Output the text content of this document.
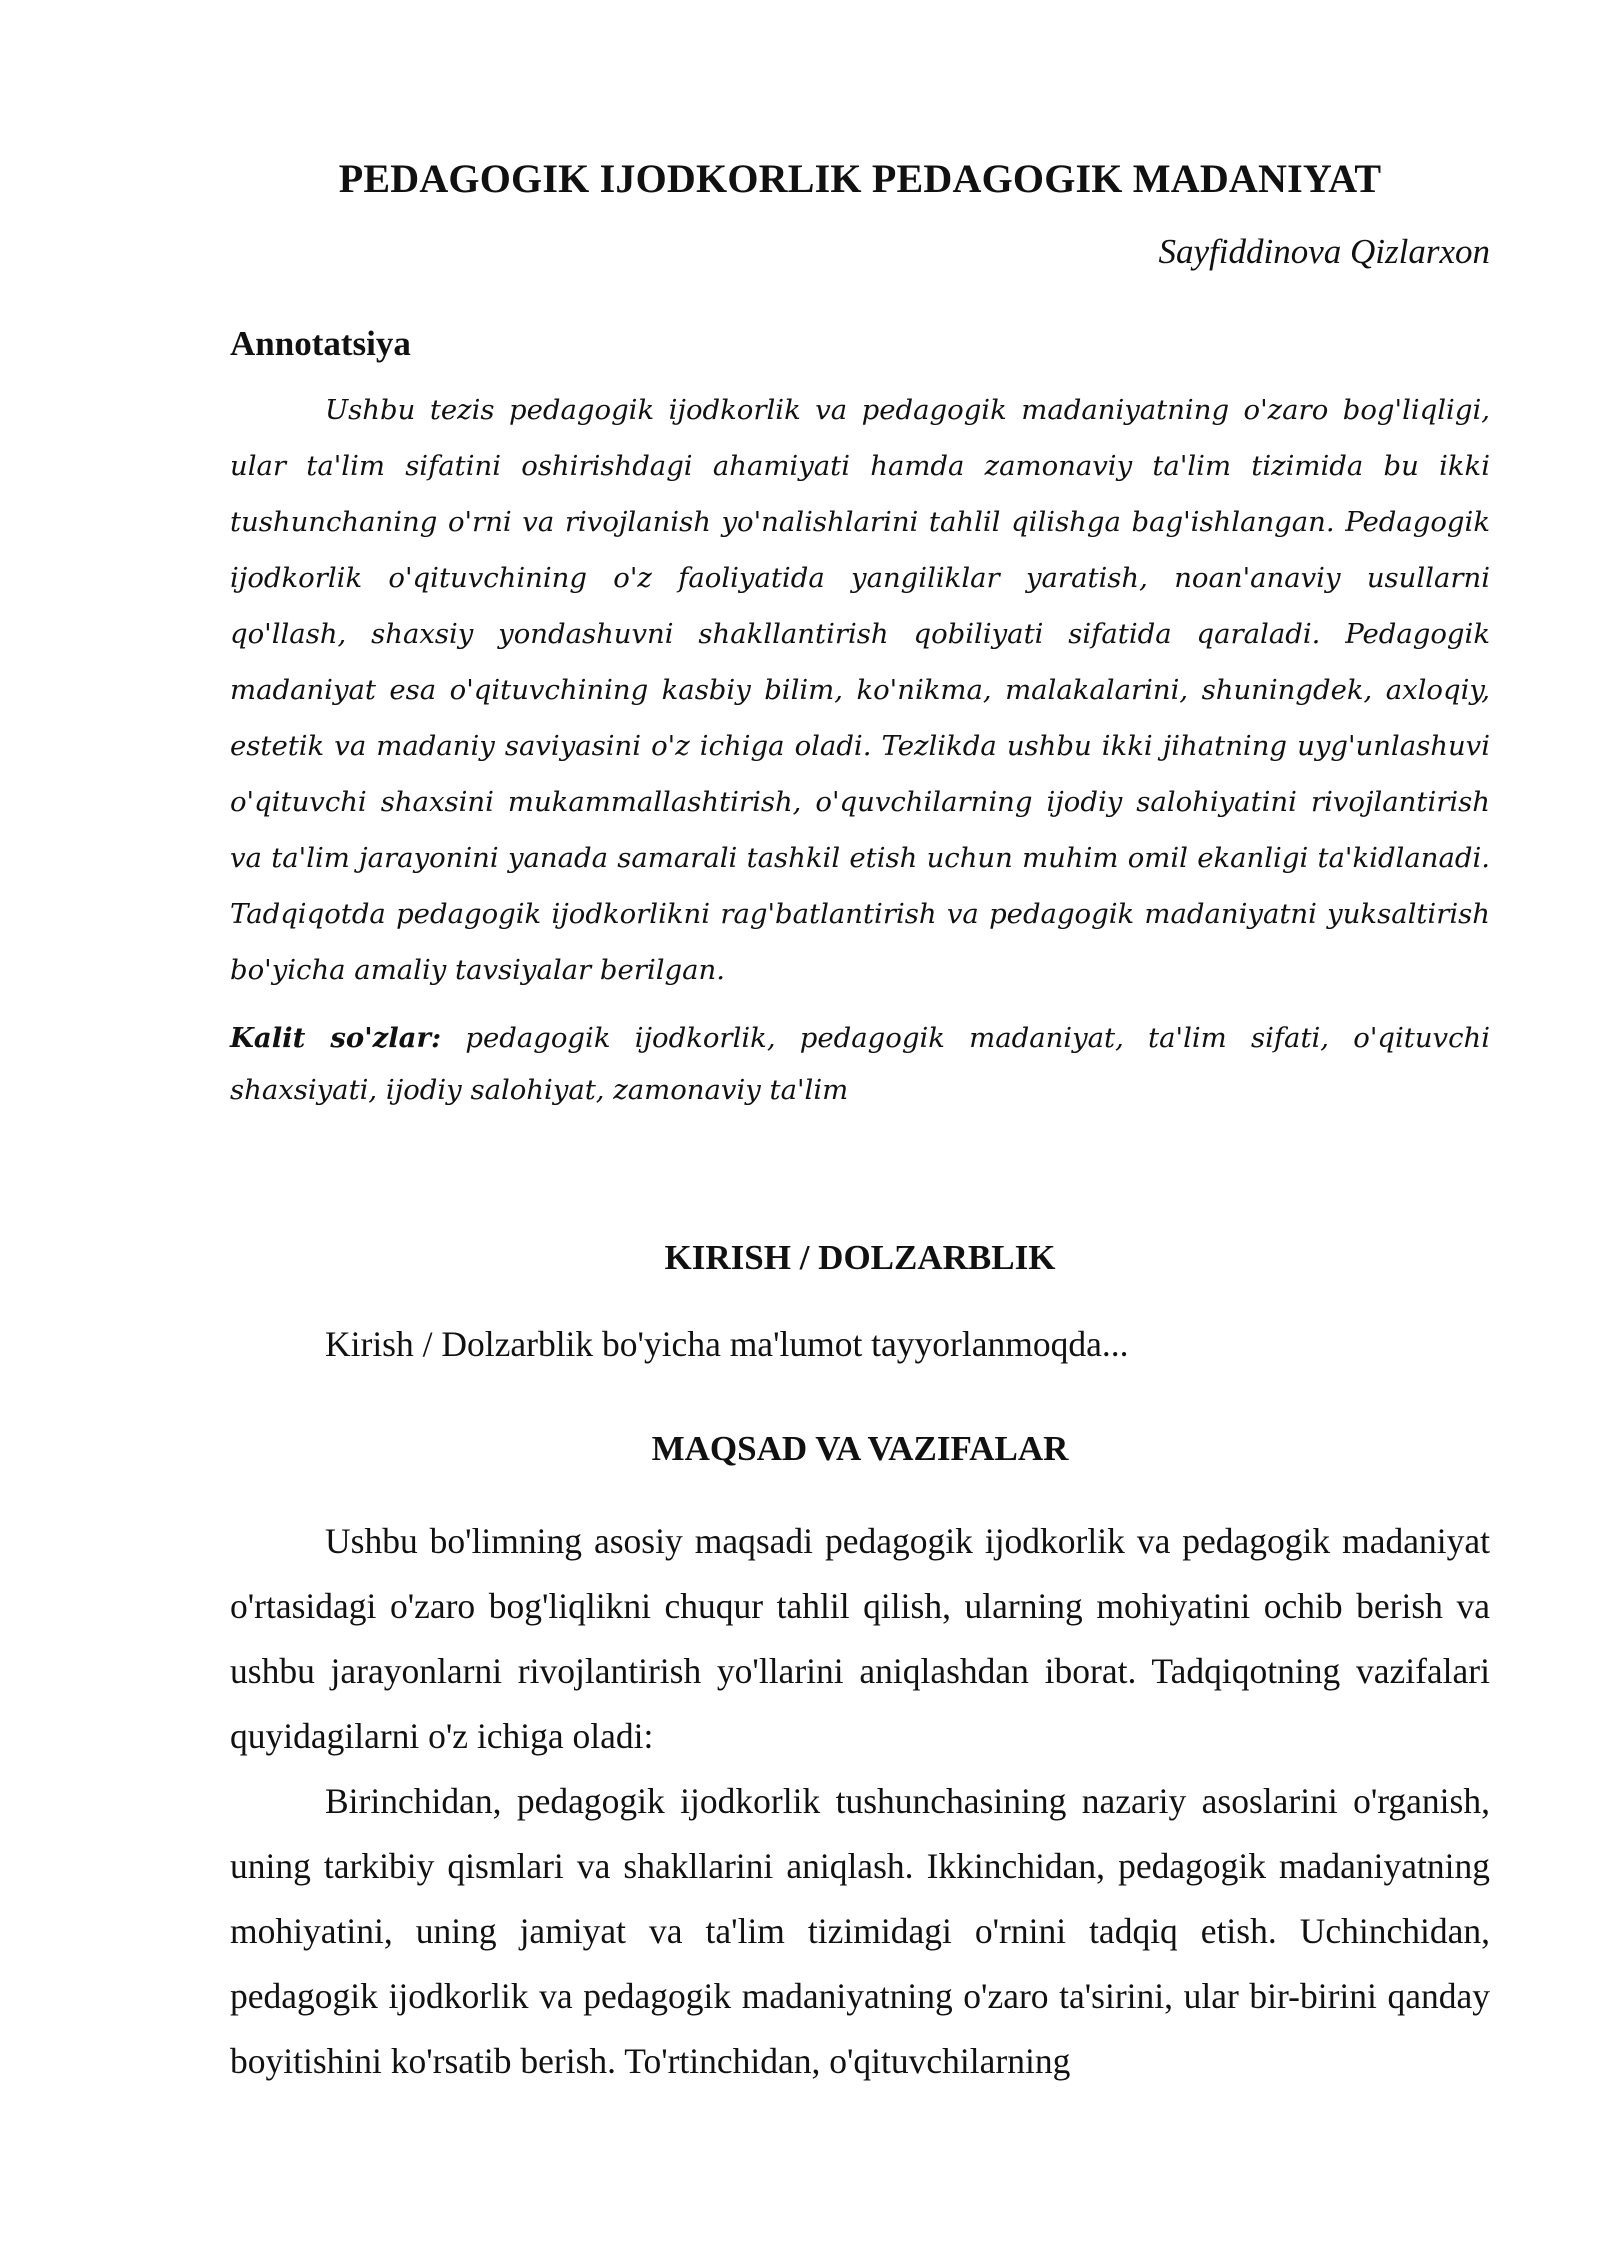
PEDAGOGIK IJODKORLIK PEDAGOGIK MADANIYAT

Sayfiddinova Qizlarxon

Annotatsiya

Ushbu tezis pedagogik ijodkorlik va pedagogik madaniyatning o'zaro bog'liqligi, ular ta'lim sifatini oshirishdagi ahamiyati hamda zamonaviy ta'lim tizimida bu ikki tushunchaning o'rni va rivojlanish yo'nalishlarini tahlil qilishga bag'ishlangan. Pedagogik ijodkorlik o'qituvchining o'z faoliyatida yangiliklar yaratish, noan'anaviy usullarni qo'llash, shaxsiy yondashuvni shakllantirish qobiliyati sifatida qaraladi. Pedagogik madaniyat esa o'qituvchining kasbiy bilim, ko'nikma, malakalarini, shuningdek, axloqiy, estetik va madaniy saviyasini o'z ichiga oladi. Tezlikda ushbu ikki jihatning uyg'unlashuvi o'qituvchi shaxsini mukammallashtirish, o'quvchilarning ijodiy salohiyatini rivojlantirish va ta'lim jarayonini yanada samarali tashkil etish uchun muhim omil ekanligi ta'kidlanadi. Tadqiqotda pedagogik ijodkorlikni rag'batlantirish va pedagogik madaniyatni yuksaltirish bo'yicha amaliy tavsiyalar berilgan.

Kalit so'zlar: pedagogik ijodkorlik, pedagogik madaniyat, ta'lim sifati, o'qituvchi shaxsiyati, ijodiy salohiyat, zamonaviy ta'lim

KIRISH / DOLZARBLIK

Kirish / Dolzarblik bo'yicha ma'lumot tayyorlanmoqda...

MAQSAD VA VAZIFALAR

Ushbu bo'limning asosiy maqsadi pedagogik ijodkorlik va pedagogik madaniyat o'rtasidagi o'zaro bog'liqlikni chuqur tahlil qilish, ularning mohiyatini ochib berish va ushbu jarayonlarni rivojlantirish yo'llarini aniqlashdan iborat. Tadqiqotning vazifalari quyidagilarni o'z ichiga oladi:

Birinchidan, pedagogik ijodkorlik tushunchasining nazariy asoslarini o'rganish, uning tarkibiy qismlari va shakllarini aniqlash. Ikkinchidan, pedagogik madaniyatning mohiyatini, uning jamiyat va ta'lim tizimidagi o'rnini tadqiq etish. Uchinchidan, pedagogik ijodkorlik va pedagogik madaniyatning o'zaro ta'sirini, ular bir-birini qanday boyitishini ko'rsatib berish. To'rtinchidan, o'qituvchilarning
